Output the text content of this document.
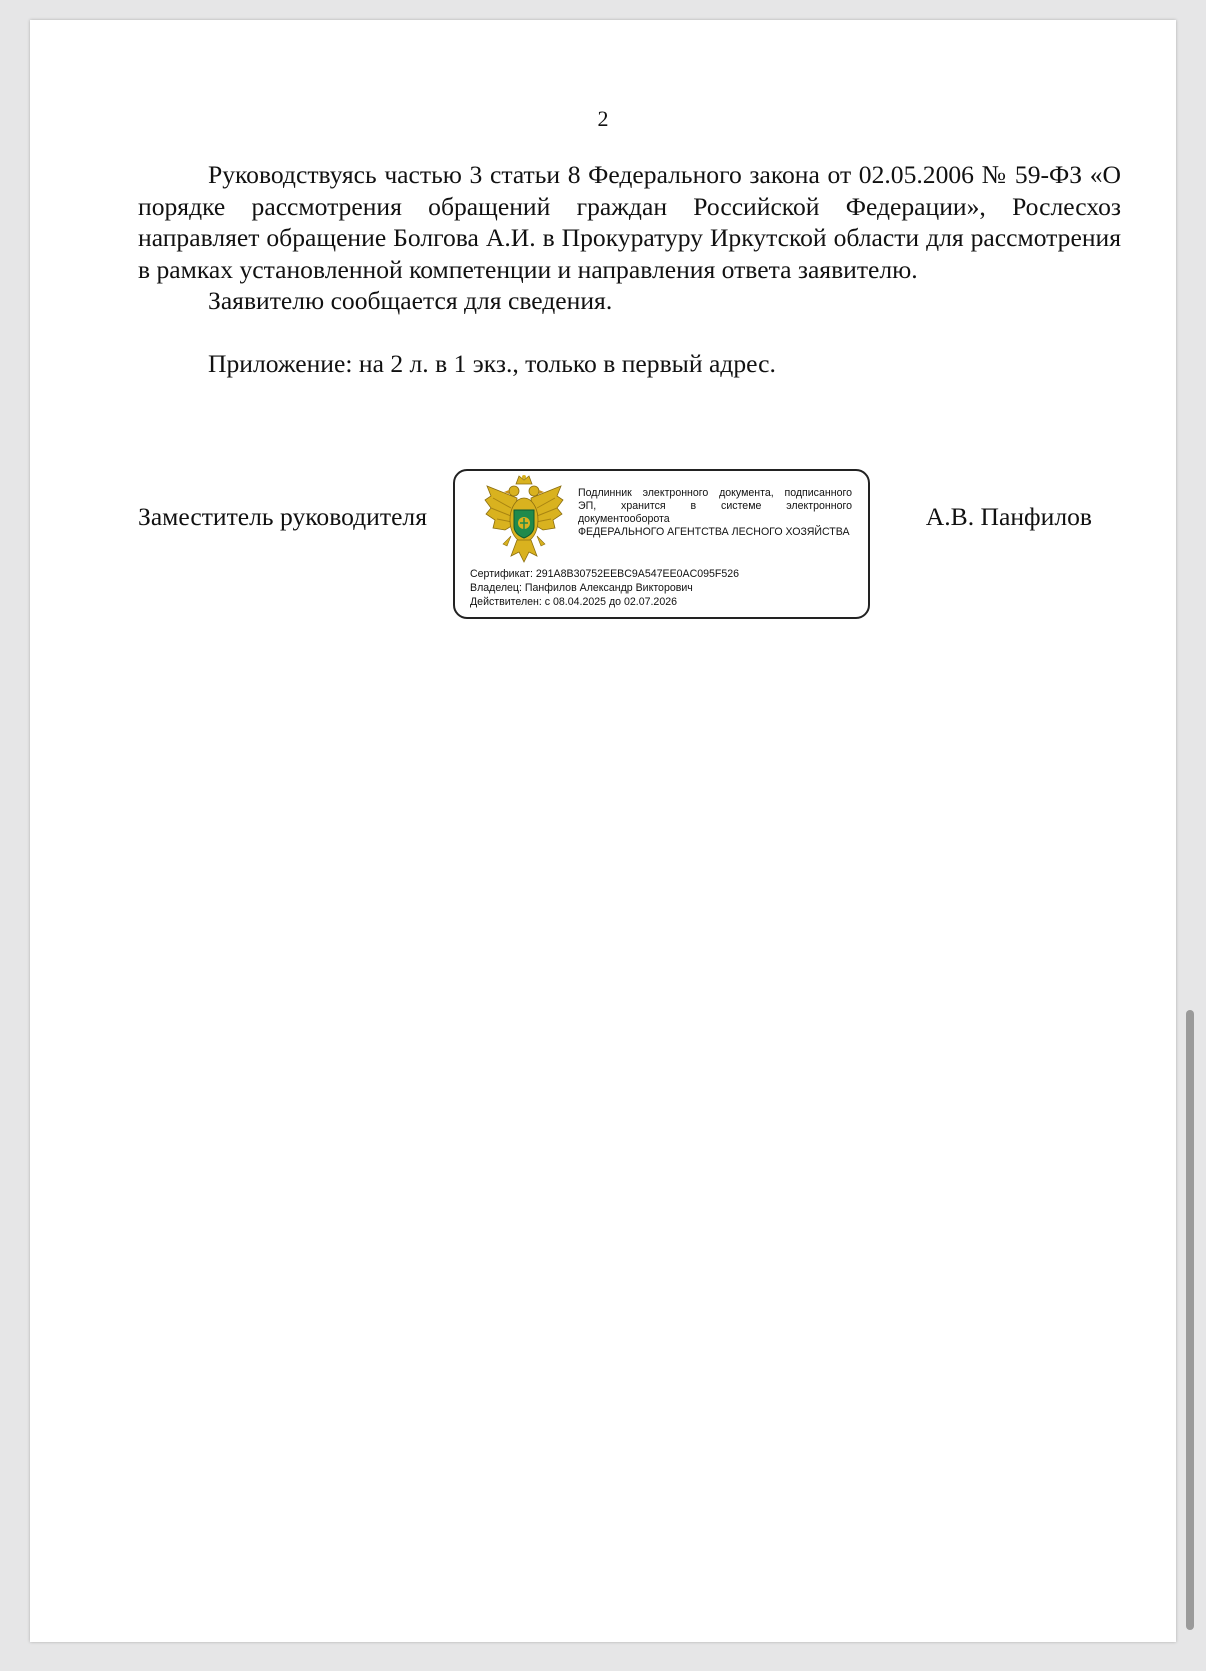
2

Руководствуясь частью 3 статьи 8 Федерального закона от 02.05.2006 № 59-ФЗ «О порядке рассмотрения обращений граждан Российской Федерации», Рослесхоз направляет обращение Болгова А.И. в Прокуратуру Иркутской области для рассмотрения в рамках установленной компетенции и направления ответа заявителю.

Заявителю сообщается для сведения.

Приложение: на 2 л. в 1 экз., только в первый адрес.

Заместитель руководителя	А.В. Панфилов
Подлинник электронного документа, подписанного
ЭП, хранится в системе электронного
документооборота
ФЕДЕРАЛЬНОГО АГЕНТСТВА ЛЕСНОГО ХОЗЯЙСТВА
Сертификат: 291A8B30752EEBC9A547EE0AC095F526
Владелец: Панфилов Александр Викторович
Действителен: с 08.04.2025 до 02.07.2026
